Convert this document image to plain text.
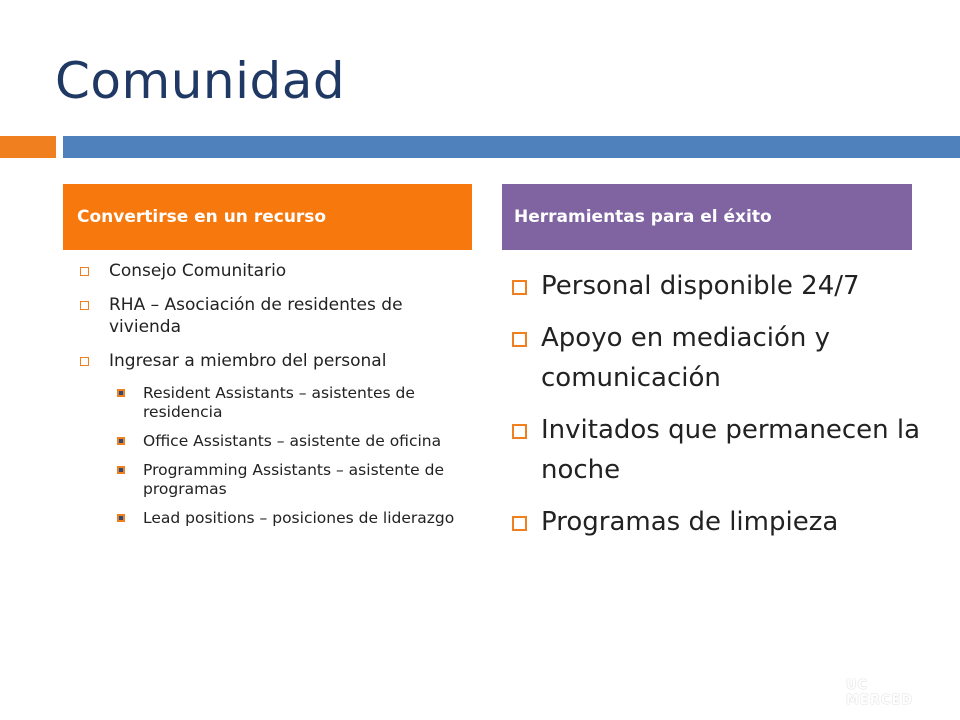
Comunidad
Convertirse en un recurso	Herramientas para el éxito
Consejo Comunitario
RHA – Asociación de residentes de vivienda
Ingresar a miembro del personal
Resident Assistants – asistentes de residencia
Office Assistants – asistente de oficina
Programming Assistants – asistente de programas
Lead positions – posiciones de liderazgo
Personal disponible 24/7
Apoyo en mediación y comunicación
Invitados que permanecen la noche
Programas de limpieza
UC MERCED
